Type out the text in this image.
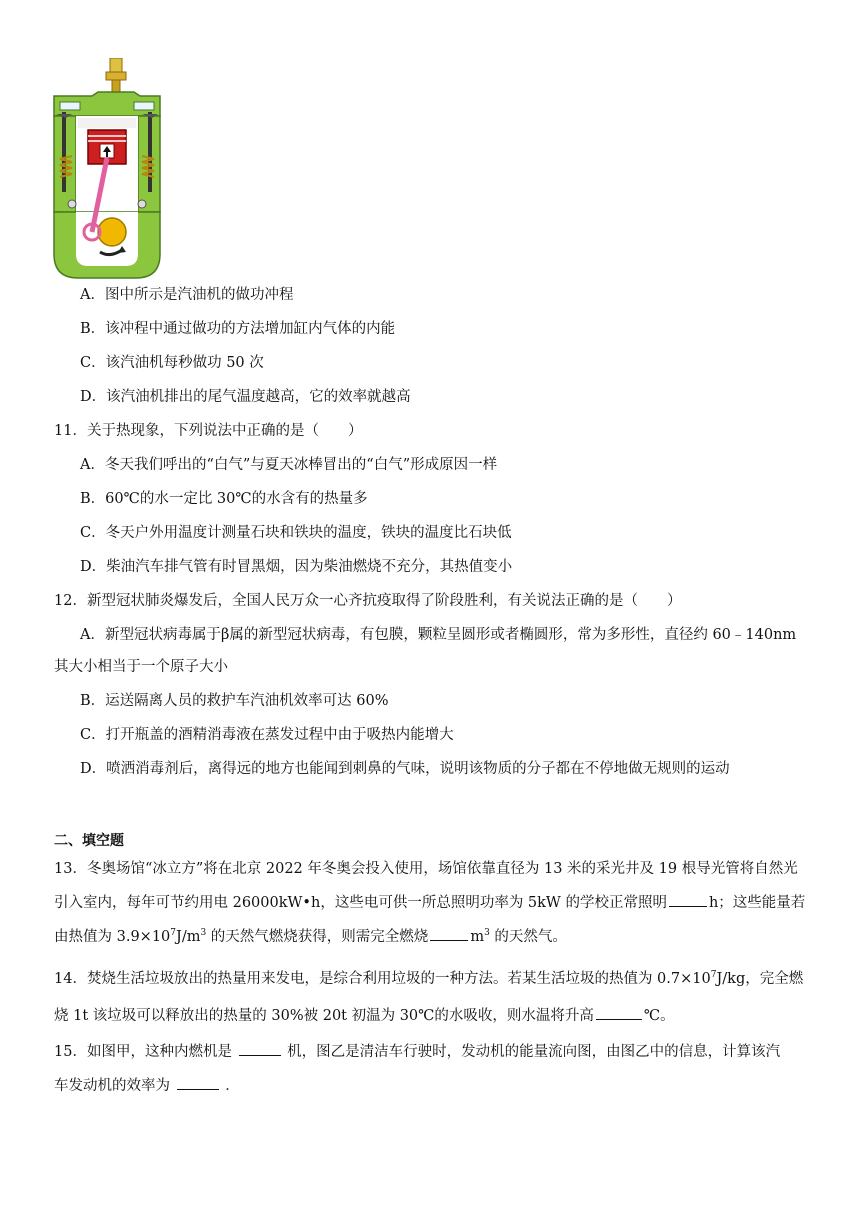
A．图中所示是汽油机的做功冲程
B．该冲程中通过做功的方法增加缸内气体的内能
C．该汽油机每秒做功 50 次
D．该汽油机排出的尾气温度越高，它的效率就越高
11．关于热现象，下列说法中正确的是（　　）
A．冬天我们呼出的“白气”与夏天冰棒冒出的“白气”形成原因一样
B．60℃的水一定比 30℃的水含有的热量多
C．冬天户外用温度计测量石块和铁块的温度，铁块的温度比石块低
D．柴油汽车排气管有时冒黑烟，因为柴油燃烧不充分，其热值变小
12．新型冠状肺炎爆发后，全国人民万众一心齐抗疫取得了阶段胜利，有关说法正确的是（　　）
A．新型冠状病毒属于β属的新型冠状病毒，有包膜，颗粒呈圆形或者椭圆形，常为多形性，直径约 60﹣140nm
其大小相当于一个原子大小
B．运送隔离人员的救护车汽油机效率可达 60%
C．打开瓶盖的酒精消毒液在蒸发过程中由于吸热内能增大
D．喷洒消毒剂后，离得远的地方也能闻到刺鼻的气味，说明该物质的分子都在不停地做无规则的运动
二、填空题
13．冬奥场馆“冰立方”将在北京 2022 年冬奥会投入使用，场馆依靠直径为 13 米的采光井及 19 根导光管将自然光
引入室内，每年可节约用电 26000kW•h，这些电可供一所总照明功率为 5kW 的学校正常照明	h；这些能量若
由热值为 $3.9\times 10^7J/m^3$ 的天然气燃烧获得，则需完全燃烧	$m^3$ 的天然气。
14．焚烧生活垃圾放出的热量用来发电，是综合利用垃圾的一种方法。若某生活垃圾的热值为 $0.7\times 10^7J/kg$，完全燃
烧 1t 该垃圾可以释放出的热量的 30%被 20t 初温为 30℃的水吸收，则水温将升高	℃。
15．如图甲，这种内燃机是	机，图乙是清洁车行驶时，发动机的能量流向图，由图乙中的信息，计算该汽
车发动机的效率为	．
